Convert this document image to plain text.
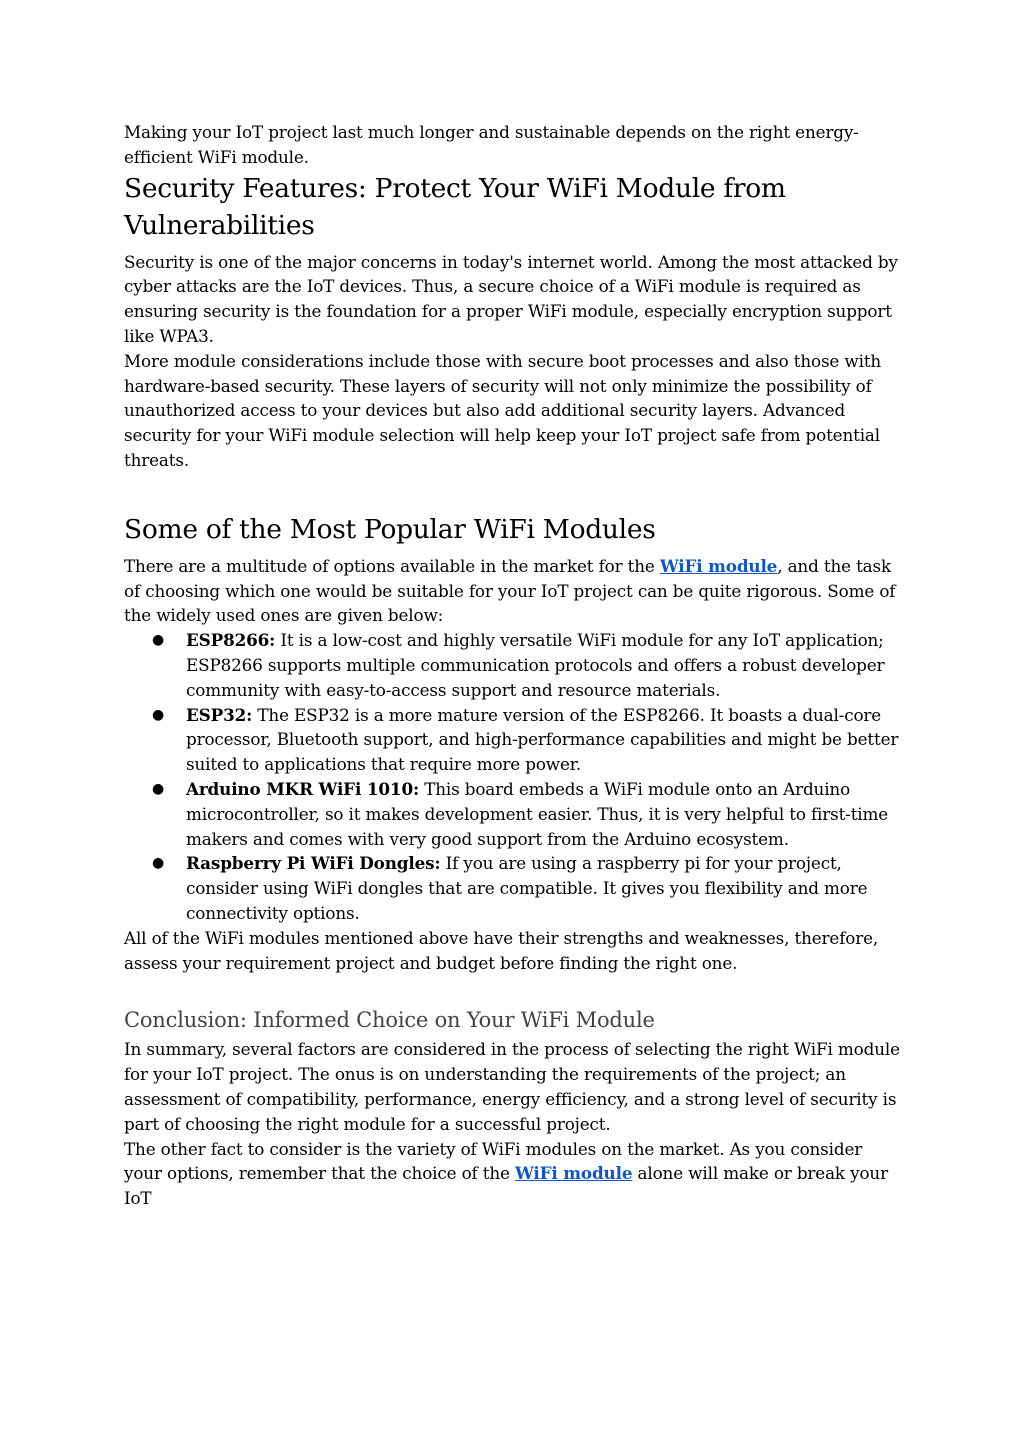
Making your IoT project last much longer and sustainable depends on the right energy-efficient WiFi module.

Security Features: Protect Your WiFi Module from Vulnerabilities

Security is one of the major concerns in today's internet world. Among the most attacked by cyber attacks are the IoT devices. Thus, a secure choice of a WiFi module is required as ensuring security is the foundation for a proper WiFi module, especially encryption support like WPA3.

More module considerations include those with secure boot processes and also those with hardware-based security. These layers of security will not only minimize the possibility of unauthorized access to your devices but also add additional security layers. Advanced security for your WiFi module selection will help keep your IoT project safe from potential threats.

Some of the Most Popular WiFi Modules

There are a multitude of options available in the market for the WiFi module, and the task of choosing which one would be suitable for your IoT project can be quite rigorous. Some of the widely used ones are given below:

● ESP8266: It is a low-cost and highly versatile WiFi module for any IoT application; ESP8266 supports multiple communication protocols and offers a robust developer community with easy-to-access support and resource materials.
● ESP32: The ESP32 is a more mature version of the ESP8266. It boasts a dual-core processor, Bluetooth support, and high-performance capabilities and might be better suited to applications that require more power.
● Arduino MKR WiFi 1010: This board embeds a WiFi module onto an Arduino microcontroller, so it makes development easier. Thus, it is very helpful to first-time makers and comes with very good support from the Arduino ecosystem.
● Raspberry Pi WiFi Dongles: If you are using a raspberry pi for your project, consider using WiFi dongles that are compatible. It gives you flexibility and more connectivity options.

All of the WiFi modules mentioned above have their strengths and weaknesses, therefore, assess your requirement project and budget before finding the right one.

Conclusion: Informed Choice on Your WiFi Module

In summary, several factors are considered in the process of selecting the right WiFi module for your IoT project. The onus is on understanding the requirements of the project; an assessment of compatibility, performance, energy efficiency, and a strong level of security is part of choosing the right module for a successful project.

The other fact to consider is the variety of WiFi modules on the market. As you consider your options, remember that the choice of the WiFi module alone will make or break your IoT
